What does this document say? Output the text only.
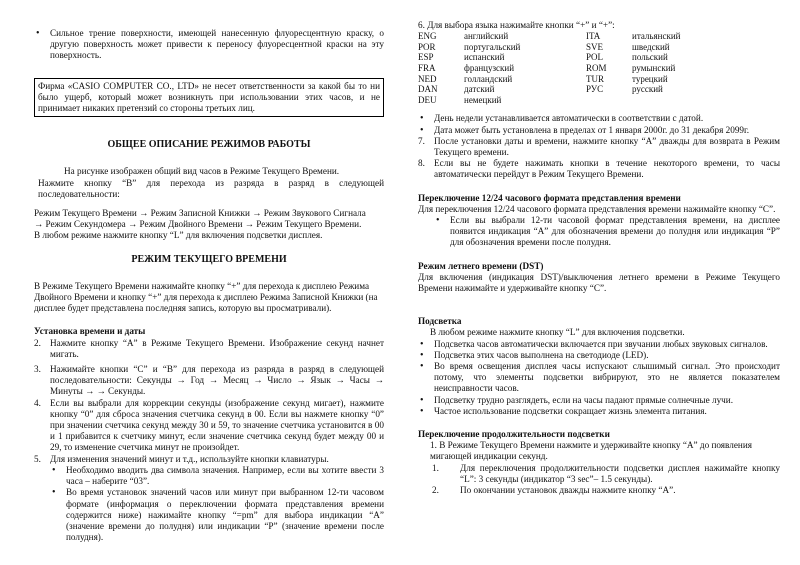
• Сильное трение поверхности, имеющей нанесенную флуоресцентную краску, о другую поверхность может привести к переносу флуоресцентной краски на эту поверхность.

Фирма «CASIO COMPUTER CO., LTD» не несет ответственности за какой бы то ни было ущерб, который может возникнуть при использовании этих часов, и не принимает никаких претензий со стороны третьих лиц.

ОБЩЕЕ ОПИСАНИЕ РЕЖИМОВ РАБОТЫ

На рисунке изображен общий вид часов в Режиме Текущего Времени.

Нажмите кнопку “B” для перехода из разряда в разряд в следующей последовательности:

Режим Текущего Времени → Режим Записной Книжки → Режим Звукового Сигнала

→ Режим Секундомера → Режим Двойного Времени → Режим Текущего Времени.

В любом режиме нажмите кнопку “L” для включения подсветки дисплея.

РЕЖИМ ТЕКУЩЕГО ВРЕМЕНИ

В Режиме Текущего Времени нажимайте кнопку “+” для перехода к дисплею Режима Двойного Времени и кнопку “+” для перехода к дисплею Режима Записной Книжки (на дисплее будет представлена последняя запись, которую вы просматривали).

Установка времени и даты

2. Нажмите кнопку “A” в Режиме Текущего Времени. Изображение секунд начнет мигать.
3. Нажимайте кнопки “C” и “B” для перехода из разряда в разряд в следующей последовательности: Секунды → Год → Месяц → Число → Язык → Часы → Минуты → → Секунды.
4. Если вы выбрали для коррекции секунды (изображение секунд мигает), нажмите кнопку “0” для сброса значения счетчика секунд в 00. Если вы нажмете кнопку “0” при значении счетчика секунд между 30 и 59, то значение счетчика установится в 00 и 1 прибавится к счетчику минут, если значение счетчика секунд будет между 00 и 29, то изменение счетчика минут не произойдет.
5. Для изменения значений минут и т.д., используйте кнопки клавиатуры.
• Необходимо вводить два символа значения. Например, если вы хотите ввести 3 часа – наберите “03”.
• Во время установок значений часов или минут при выбранном 12-ти часовом формате (информация о переключении формата представления времени содержится ниже) нажимайте кнопку “=pm” для выбора индикации “A” (значение времени до полудня) или индикации “P” (значение времени после полудня).

6. Для выбора языка нажимайте кнопки “+” и “+”:

ENG	английский	ITA	итальянский
POR	португальский	SVE	шведский
ESP	испанский	POL	польский
FRA	французский	ROM	румынский
NED	голландский	TUR	турецкий
DAN	датский	РУС	русский
DEU	немецкий		

• День недели устанавливается автоматически в соответствии с датой.

• Дата может быть установлена в пределах от 1 января 2000г. до 31 декабря 2099г.

7. После установки даты и времени, нажмите кнопку “A” дважды для возврата в Режим Текущего времени.
8. Если вы не будете нажимать кнопки в течение некоторого времени, то часы автоматически перейдут в Режим Текущего Времени.

Переключение 12/24 часового формата представления времени

Для переключения 12/24 часового формата представления времени нажимайте кнопку “C”.

• Если вы выбрали 12-ти часовой формат представления времени, на дисплее появится индикация “A” для обозначения времени до полудня или индикация “P” для обозначения времени после полудня.

Режим летнего времени (DST)

Для включения (индикация DST)/выключения летнего времени в Режиме Текущего Времени нажимайте и удерживайте кнопку “C”.

Подсветка

В любом режиме нажмите кнопку “L” для включения подсветки.

• Подсветка часов автоматически включается при звучании любых звуковых сигналов.

• Подсветка этих часов выполнена на светодиоде (LED).

• Во время освещения дисплея часы испускают слышимый сигнал. Это происходит потому, что элементы подсветки вибрируют, это не является показателем неисправности часов.

• Подсветку трудно разглядеть, если на часы падают прямые солнечные лучи.

• Частое использование подсветки сокращает жизнь элемента питания.

Переключение продолжительности подсветки

1. В Режиме Текущего Времени нажмите и удерживайте кнопку “A” до появления мигающей индикации секунд.

1. Для переключения продолжительности подсветки дисплея нажимайте кнопку “L”: 3 секунды (индикатор “3 sec”– 1.5 секунды).
2. По окончании установок дважды нажмите кнопку “A”.
